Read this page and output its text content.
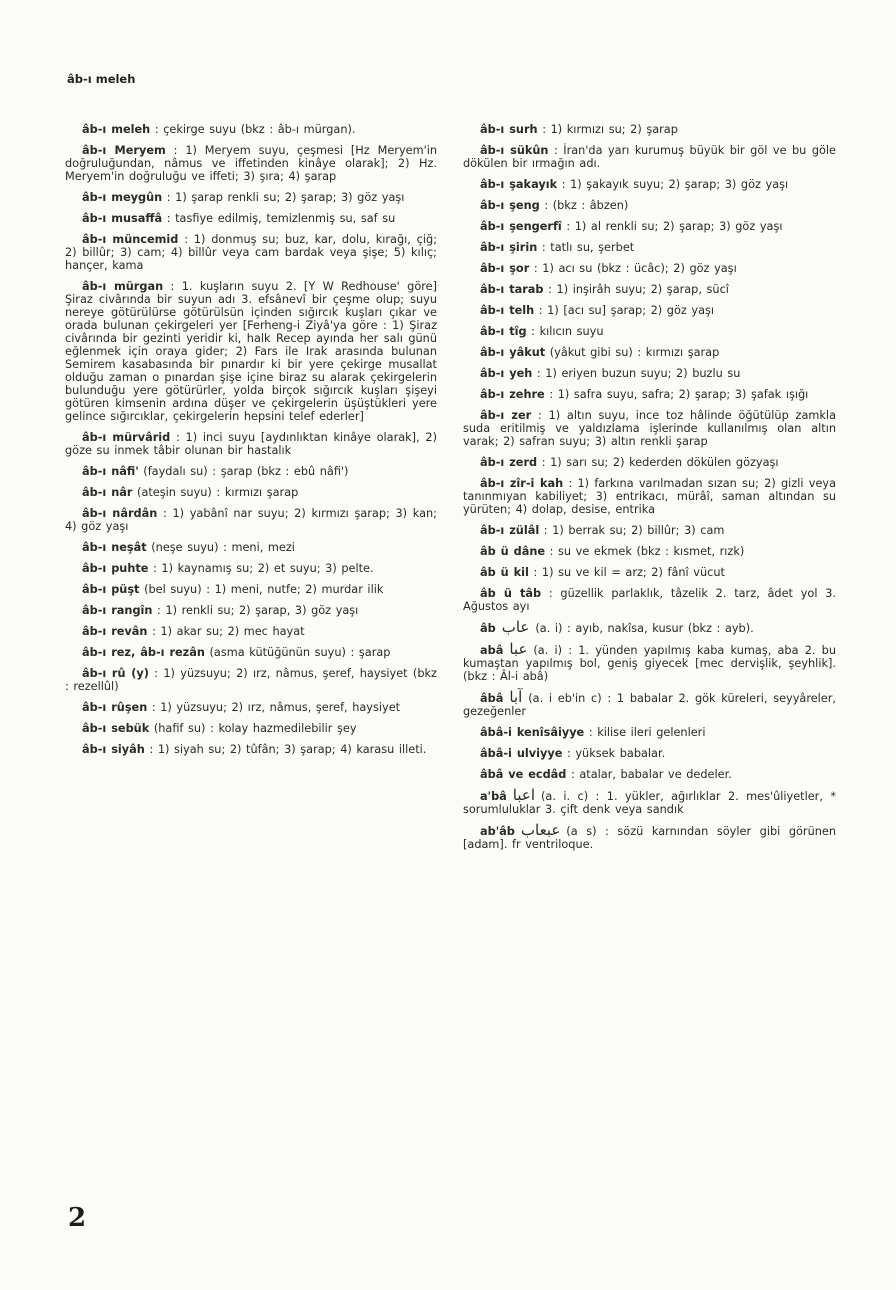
âb-ı meleh
âb-ı meleh : çekirge suyu (bkz : âb-ı mürgan).
âb-ı Meryem : 1) Meryem suyu, çeşmesi [Hz Meryem'in doğruluğundan, nâmus ve iffetinden kinâye olarak]; 2) Hz. Meryem'in doğruluğu ve iffeti; 3) şıra; 4) şarap
âb-ı meygûn : 1) şarap renkli su; 2) şarap; 3) göz yaşı
âb-ı musaffâ : tasfiye edilmiş, temizlenmiş su, saf su
âb-ı müncemid : 1) donmuş su; buz, kar, dolu, kırağı, çiğ; 2) billûr; 3) cam; 4) billûr veya cam bardak veya şişe; 5) kılıç; hançer, kama
âb-ı mürgan : 1. kuşların suyu 2. [Y W Redhouse' göre] Şiraz civârında bir suyun adı 3. efsânevî bir çeşme olup; suyu nereye götürülürse götürülsün içinden sığırcık kuşları çıkar ve orada bulunan çekirgeleri yer [Ferheng-i Ziyâ'ya göre : 1) Şiraz civârında bir gezinti yeridir ki, halk Recep ayında her salı günü eğlenmek için oraya gider; 2) Fars ile Irak arasında bulunan Semirem kasabasında bir pınardır ki bir yere çekirge musallat olduğu zaman o pınardan şişe içine biraz su alarak çekirgelerin bulunduğu yere götürürler, yolda birçok sığırcık kuşları şişeyi götüren kimsenin ardına düşer ve çekirgelerin üşüştükleri yere gelince sığırcıklar, çekirgelerin hepsini telef ederler]
âb-ı mürvârid : 1) inci suyu [aydınlıktan kinâye olarak], 2) göze su inmek tâbir olunan bir hastalık
âb-ı nâfi' (faydalı su) : şarap (bkz : ebû nâfi')
âb-ı nâr (ateşin suyu) : kırmızı şarap
âb-ı nârdân : 1) yabânî nar suyu; 2) kırmızı şarap; 3) kan; 4) göz yaşı
âb-ı neşât (neşe suyu) : meni, mezi
âb-ı puhte : 1) kaynamış su; 2) et suyu; 3) pelte.
âb-ı püşt (bel suyu) : 1) meni, nutfe; 2) murdar ilik
âb-ı rangîn : 1) renkli su; 2) şarap, 3) göz yaşı
âb-ı revân : 1) akar su; 2) mec hayat
âb-ı rez, âb-ı rezân (asma kütüğünün suyu) : şarap
âb-ı rû (y) : 1) yüzsuyu; 2) ırz, nâmus, şeref, haysiyet (bkz : rezellûl)
âb-ı rûşen : 1) yüzsuyu; 2) ırz, nâmus, şeref, haysiyet
âb-ı sebük (hafif su) : kolay hazmedilebilir şey
âb-ı siyâh : 1) siyah su; 2) tûfân; 3) şarap; 4) karasu illeti.
âb-ı surh : 1) kırmızı su; 2) şarap
âb-ı sükûn : İran'da yarı kurumuş büyük bir göl ve bu göle dökülen bir ırmağın adı.
âb-ı şakayık : 1) şakayık suyu; 2) şarap; 3) göz yaşı
âb-ı şeng : (bkz : âbzen)
âb-ı şengerfî : 1) al renkli su; 2) şarap; 3) göz yaşı
âb-ı şirin : tatlı su, şerbet
âb-ı şor : 1) acı su (bkz : ücâc); 2) göz yaşı
âb-ı tarab : 1) inşirâh suyu; 2) şarap, sücî
âb-ı telh : 1) [acı su] şarap; 2) göz yaşı
âb-ı tîg : kılıcın suyu
âb-ı yâkut (yâkut gibi su) : kırmızı şarap
âb-ı yeh : 1) eriyen buzun suyu; 2) buzlu su
âb-ı zehre : 1) safra suyu, safra; 2) şarap; 3) şafak ışığı
âb-ı zer : 1) altın suyu, ince toz hâlinde öğütülüp zamkla suda eritilmiş ve yaldızlama işlerinde kullanılmış olan altın varak; 2) safran suyu; 3) altın renkli şarap
âb-ı zerd : 1) sarı su; 2) kederden dökülen gözyaşı
âb-ı zîr-i kah : 1) farkına varılmadan sızan su; 2) gizli veya tanınmıyan kabiliyet; 3) entrikacı, mürâî, saman altından su yürüten; 4) dolap, desise, entrika
âb-ı zülâl : 1) berrak su; 2) billûr; 3) cam
âb ü dâne : su ve ekmek (bkz : kısmet, rızk)
âb ü kil : 1) su ve kil = arz; 2) fânî vücut
âb ü tâb : güzellik parlaklık, tâzelik 2. tarz, âdet yol 3. Ağustos ayı
âb عاب (a. i) : ayıb, nakîsa, kusur (bkz : ayb).
abâ عبا (a. i) : 1. yünden yapılmış kaba kumaş, aba 2. bu kumaştan yapılmış bol, geniş giyecek [mec dervişlik, şeyhlik]. (bkz : Âl-i abâ)
âbâ آبا (a. i eb'in c) : 1 babalar 2. gök küreleri, seyyâreler, gezeğenler
âbâ-i kenîsâiyye : kilise ileri gelenleri
âbâ-i ulviyye : yüksek babalar.
âbâ ve ecdâd : atalar, babalar ve dedeler.
a'bâ اعبا (a. i. c) : 1. yükler, ağırlıklar 2. mes'ûliyetler, * sorumluluklar 3. çift denk veya sandık
ab'âb عبعاب (a s) : sözü karnından söyler gibi görünen [adam]. fr ventriloque.
2
